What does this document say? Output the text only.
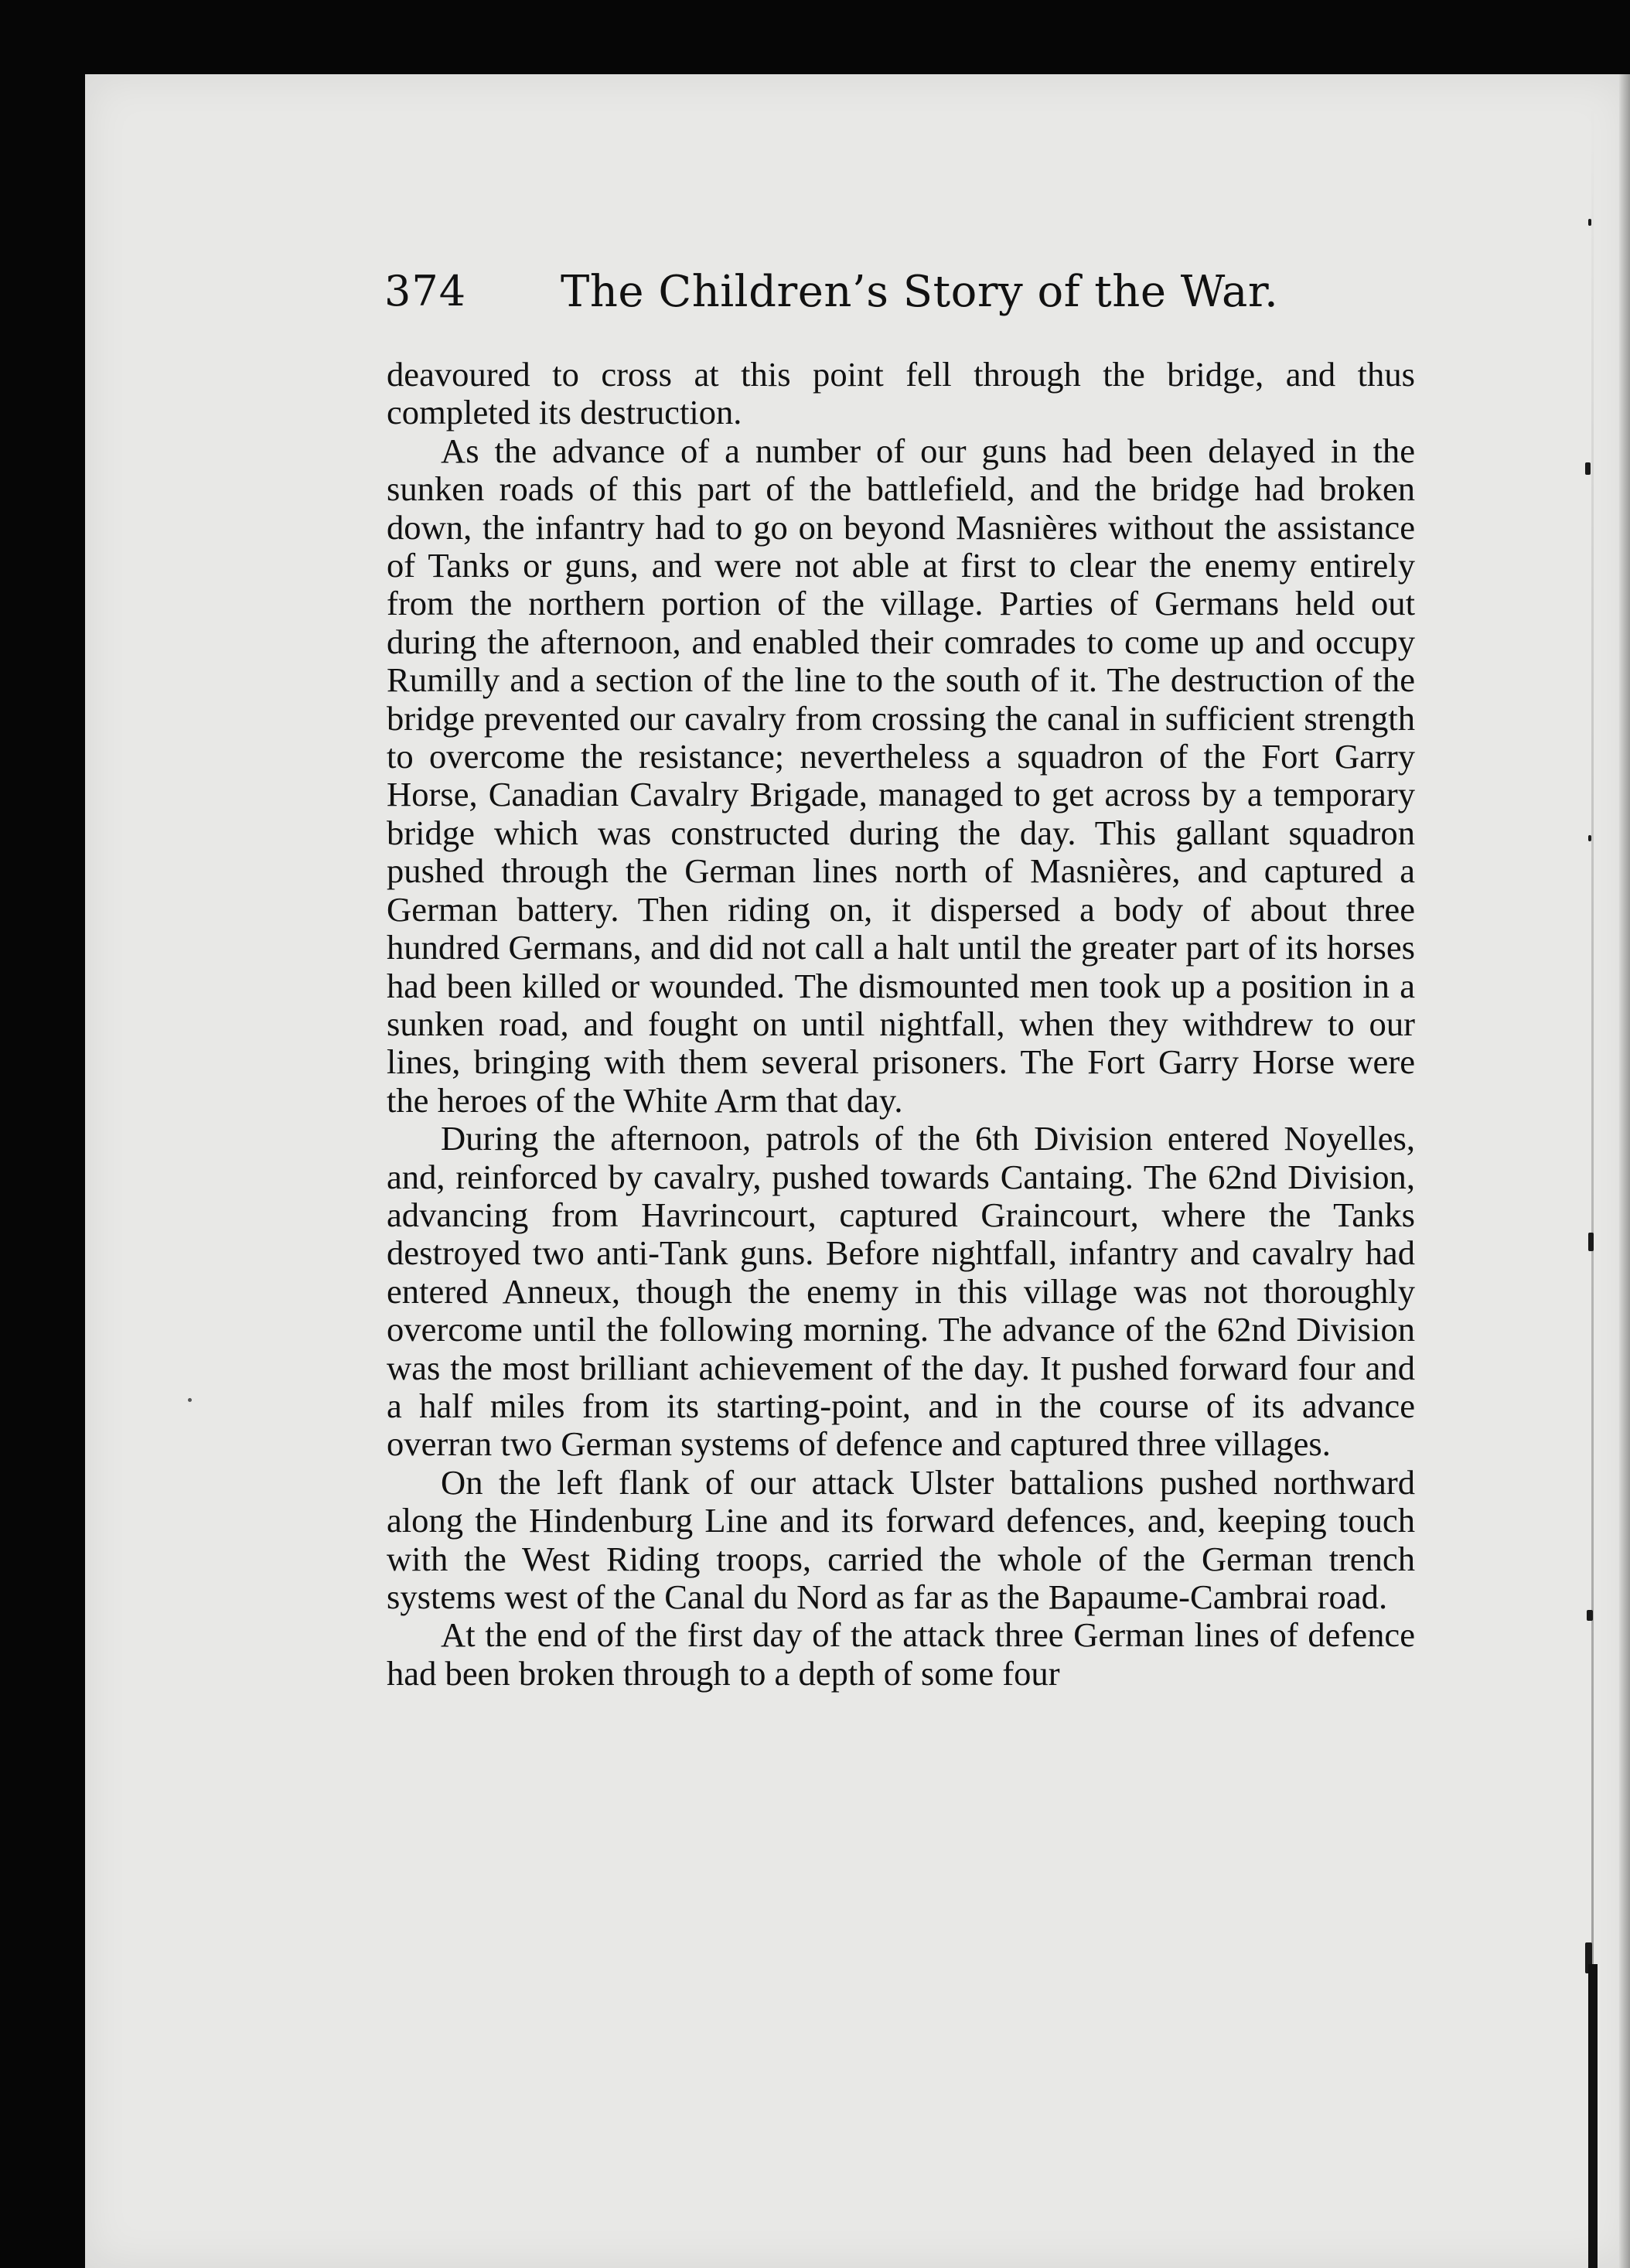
374 The Children’s Story of the War.

deavoured to cross at this point fell through the bridge, and thus completed its destruction.

As the advance of a number of our guns had been delayed in the sunken roads of this part of the battlefield, and the bridge had broken down, the infantry had to go on beyond Masnières without the assistance of Tanks or guns, and were not able at first to clear the enemy entirely from the northern portion of the village. Parties of Germans held out during the afternoon, and enabled their comrades to come up and occupy Rumilly and a section of the line to the south of it. The destruction of the bridge prevented our cavalry from crossing the canal in sufficient strength to overcome the resistance; nevertheless a squadron of the Fort Garry Horse, Canadian Cavalry Brigade, managed to get across by a temporary bridge which was constructed during the day. This gallant squadron pushed through the German lines north of Masnières, and captured a German battery. Then riding on, it dispersed a body of about three hundred Germans, and did not call a halt until the greater part of its horses had been killed or wounded. The dismounted men took up a position in a sunken road, and fought on until nightfall, when they withdrew to our lines, bringing with them several prisoners. The Fort Garry Horse were the heroes of the White Arm that day.

During the afternoon, patrols of the 6th Division entered Noyelles, and, reinforced by cavalry, pushed towards Cantaing. The 62nd Division, advancing from Havrincourt, captured Graincourt, where the Tanks destroyed two anti-Tank guns. Before nightfall, infantry and cavalry had entered Anneux, though the enemy in this village was not thoroughly overcome until the following morning. The advance of the 62nd Division was the most brilliant achievement of the day. It pushed forward four and a half miles from its starting-point, and in the course of its advance overran two German systems of defence and captured three villages.

On the left flank of our attack Ulster battalions pushed northward along the Hindenburg Line and its forward defences, and, keeping touch with the West Riding troops, carried the whole of the German trench systems west of the Canal du Nord as far as the Bapaume-Cambrai road.

At the end of the first day of the attack three German lines of defence had been broken through to a depth of some four
